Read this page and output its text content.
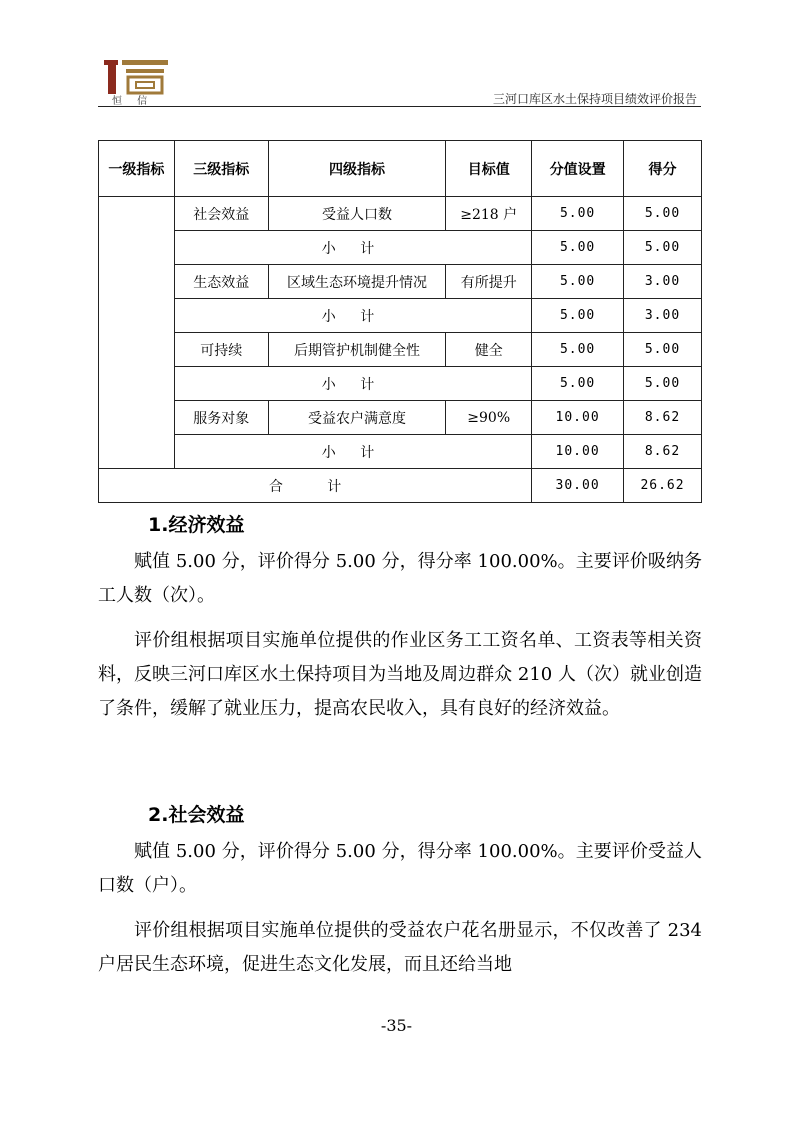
恒 信	三河口库区水土保持项目绩效评价报告
一级指标	三级指标	四级指标	目标值	分值设置	得分
	社会效益	受益人口数	≥218 户	5.00	5.00
	小 计			5.00	5.00
	生态效益	区域生态环境提升情况	有所提升	5.00	3.00
	小 计			5.00	3.00
	可持续	后期管护机制健全性	健全	5.00	5.00
	小 计			5.00	5.00
	服务对象	受益农户满意度	≥90%	10.00	8.62
	小 计			10.00	8.62
合 计				30.00	26.62
1.经济效益

赋值 5.00 分，评价得分 5.00 分，得分率 100.00%。主要评价吸纳务工人数（次）。

评价组根据项目实施单位提供的作业区务工工资名单、工资表等相关资料，反映三河口库区水土保持项目为当地及周边群众 210 人（次）就业创造了条件，缓解了就业压力，提高农民收入，具有良好的经济效益。

2.社会效益

赋值 5.00 分，评价得分 5.00 分，得分率 100.00%。主要评价受益人口数（户）。

评价组根据项目实施单位提供的受益农户花名册显示，不仅改善了 234 户居民生态环境，促进生态文化发展，而且还给当地

-35-
